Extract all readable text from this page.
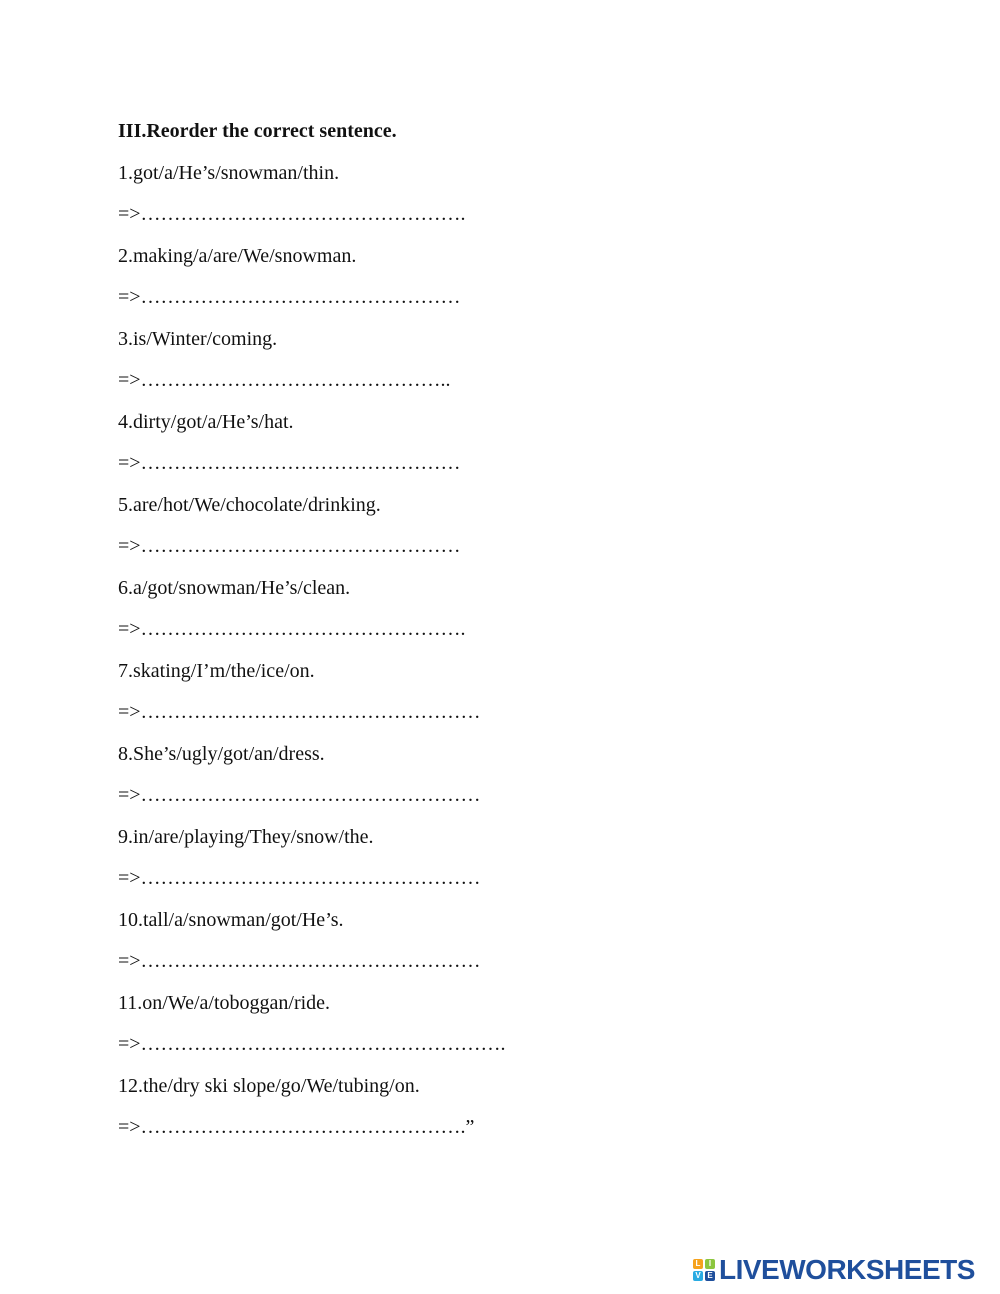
III.Reorder the correct sentence.
1.got/a/He’s/snowman/thin.
=>………………………………………….
2.making/a/are/We/snowman.
=>…………………………………………
3.is/Winter/coming.
=>………………………………………..
4.dirty/got/a/He’s/hat.
=>…………………………………………
5.are/hot/We/chocolate/drinking.
=>…………………………………………
6.a/got/snowman/He’s/clean.
=>………………………………………….
7.skating/I’m/the/ice/on.
=>……………………………………………
8.She’s/ugly/got/an/dress.
=>……………………………………………
9.in/are/playing/They/snow/the.
=>……………………………………………
10.tall/a/snowman/got/He’s.
=>……………………………………………
11.on/We/a/toboggan/ride.
=>……………………………………………….
12.the/dry ski slope/go/We/tubing/on.
=>………………………………………….”
L	I
V E LIVEWORKSHEETS
